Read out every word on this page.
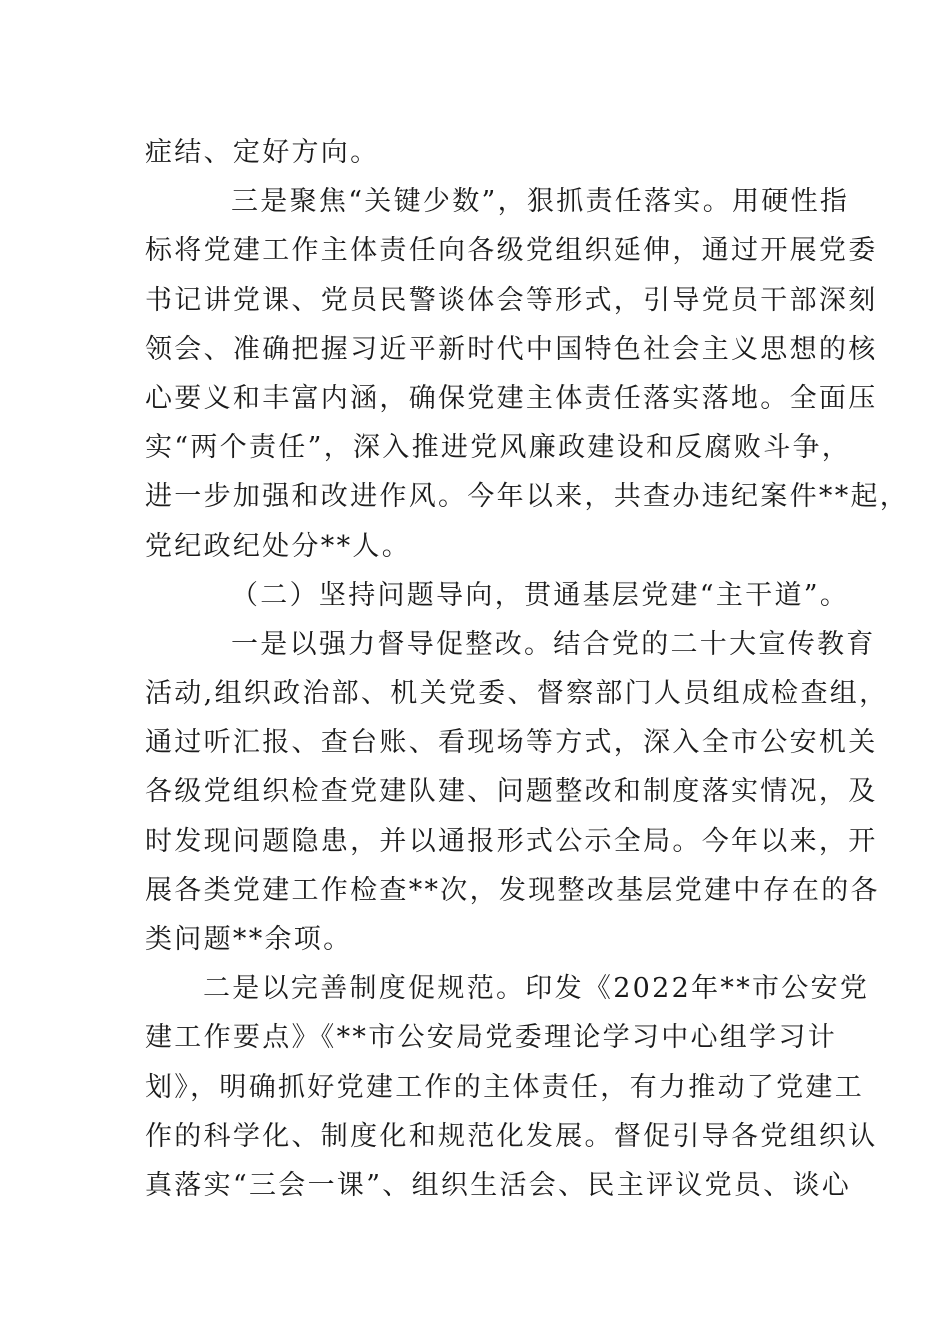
症结、定好方向。
三是聚焦“关键少数”，狠抓责任落实。用硬性指
标将党建工作主体责任向各级党组织延伸，通过开展党委
书记讲党课、党员民警谈体会等形式，引导党员干部深刻
领会、准确把握习近平新时代中国特色社会主义思想的核
心要义和丰富内涵，确保党建主体责任落实落地。全面压
实“两个责任”，深入推进党风廉政建设和反腐败斗争，
进一步加强和改进作风。今年以来，共查办违纪案件**起，
党纪政纪处分**人。
（二）坚持问题导向，贯通基层党建“主干道”。
一是以强力督导促整改。结合党的二十大宣传教育
活动,组织政治部、机关党委、督察部门人员组成检查组，
通过听汇报、查台账、看现场等方式，深入全市公安机关
各级党组织检查党建队建、问题整改和制度落实情况，及
时发现问题隐患，并以通报形式公示全局。今年以来，开
展各类党建工作检查**次，发现整改基层党建中存在的各
类问题**余项。
二是以完善制度促规范。印发《2022年**市公安党
建工作要点》《**市公安局党委理论学习中心组学习计
划》，明确抓好党建工作的主体责任，有力推动了党建工
作的科学化、制度化和规范化发展。督促引导各党组织认
真落实“三会一课”、组织生活会、民主评议党员、谈心
